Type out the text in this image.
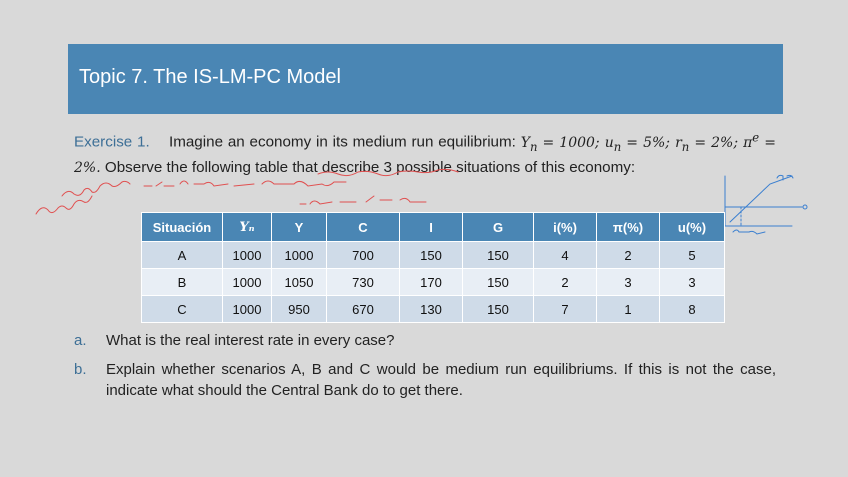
Topic 7. The IS-LM-PC Model
Exercise 1. Imagine an economy in its medium run equilibrium: $Y_n = 1000$; $u_n = 5\%$; $r_n = 2\%$; $\pi^e = 2\%$. Observe the following table that describe 3 possible situations of this economy:
Situación	Yₙ	Y	C	I	G	i(%)	π(%)	u(%)
A	1000	1000	700	150	150	4	2	5
B	1000	1050	730	170	150	2	3	3
C	1000	950	670	130	150	7	1	8
a. What is the real interest rate in every case?
b. Explain whether scenarios A, B and C would be medium run equilibriums. If this is not the case, indicate what should the Central Bank do to get there.
